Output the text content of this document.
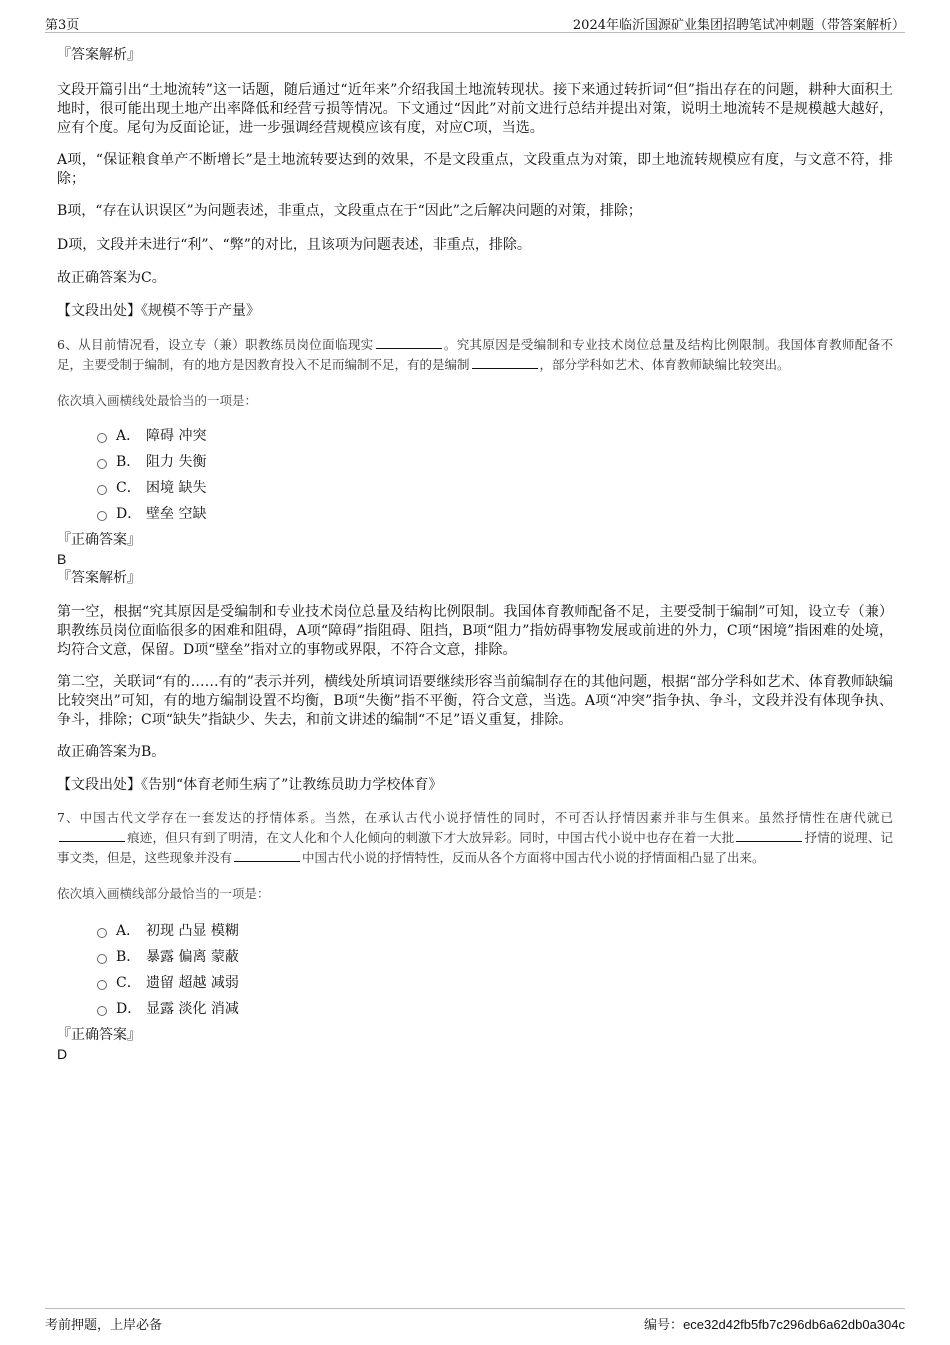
第3页	2024年临沂国源矿业集团招聘笔试冲刺题（带答案解析）

『答案解析』

文段开篇引出“土地流转”这一话题，随后通过“近年来”介绍我国土地流转现状。接下来通过转折词“但”指出存在的问题，耕种大面积土地时，很可能出现土地产出率降低和经营亏损等情况。下文通过“因此”对前文进行总结并提出对策，说明土地流转不是规模越大越好，应有个度。尾句为反面论证，进一步强调经营规模应该有度，对应C项，当选。

A项，“保证粮食单产不断增长”是土地流转要达到的效果，不是文段重点，文段重点为对策，即土地流转规模应有度，与文意不符，排除；

B项，“存在认识误区”为问题表述，非重点，文段重点在于“因此”之后解决问题的对策，排除；

D项，文段并未进行“利”、“弊”的对比，且该项为问题表述，非重点，排除。

故正确答案为C。

【文段出处】《规模不等于产量》

6、从目前情况看，设立专（兼）职教练员岗位面临现实	。究其原因是受编制和专业技术岗位总量及结构比例限制。我国体育教师配备不足，主要受制于编制，有的地方是因教育投入不足而编制不足，有的是编制	，部分学科如艺术、体育教师缺编比较突出。

依次填入画横线处最恰当的一项是：

A． 障碍 冲突
B． 阻力 失衡
C． 困境 缺失
D． 壁垒 空缺

『正确答案』

B

『答案解析』

第一空，根据“究其原因是受编制和专业技术岗位总量及结构比例限制。我国体育教师配备不足，主要受制于编制”可知，设立专（兼）职教练员岗位面临很多的困难和阻碍，A项“障碍”指阻碍、阻挡，B项“阻力”指妨碍事物发展或前进的外力，C项“困境”指困难的处境，均符合文意，保留。D项“壁垒”指对立的事物或界限，不符合文意，排除。

第二空，关联词“有的……有的”表示并列，横线处所填词语要继续形容当前编制存在的其他问题，根据“部分学科如艺术、体育教师缺编比较突出”可知，有的地方编制设置不均衡，B项“失衡”指不平衡，符合文意，当选。A项“冲突”指争执、争斗，文段并没有体现争执、争斗，排除；C项“缺失”指缺少、失去，和前文讲述的编制“不足”语义重复，排除。

故正确答案为B。

【文段出处】《告别“体育老师生病了”让教练员助力学校体育》

7、中国古代文学存在一套发达的抒情体系。当然，在承认古代小说抒情性的同时，不可否认抒情因素并非与生俱来。虽然抒情性在唐代就已痕迹，但只有到了明清，在文人化和个人化倾向的刺激下才大放异彩。同时，中国古代小说中也存在着一大批	抒情的说理、记事文类，但是，这些现象并没有	中国古代小说的抒情特性，反而从各个方面将中国古代小说的抒情面相凸显了出来。

依次填入画横线部分最恰当的一项是：

A． 初现 凸显 模糊
B． 暴露 偏离 蒙蔽
C． 遗留 超越 减弱
D． 显露 淡化 消减

『正确答案』

D

考前押题，上岸必备	编号：ece32d42fb5fb7c296db6a62db0a304c
